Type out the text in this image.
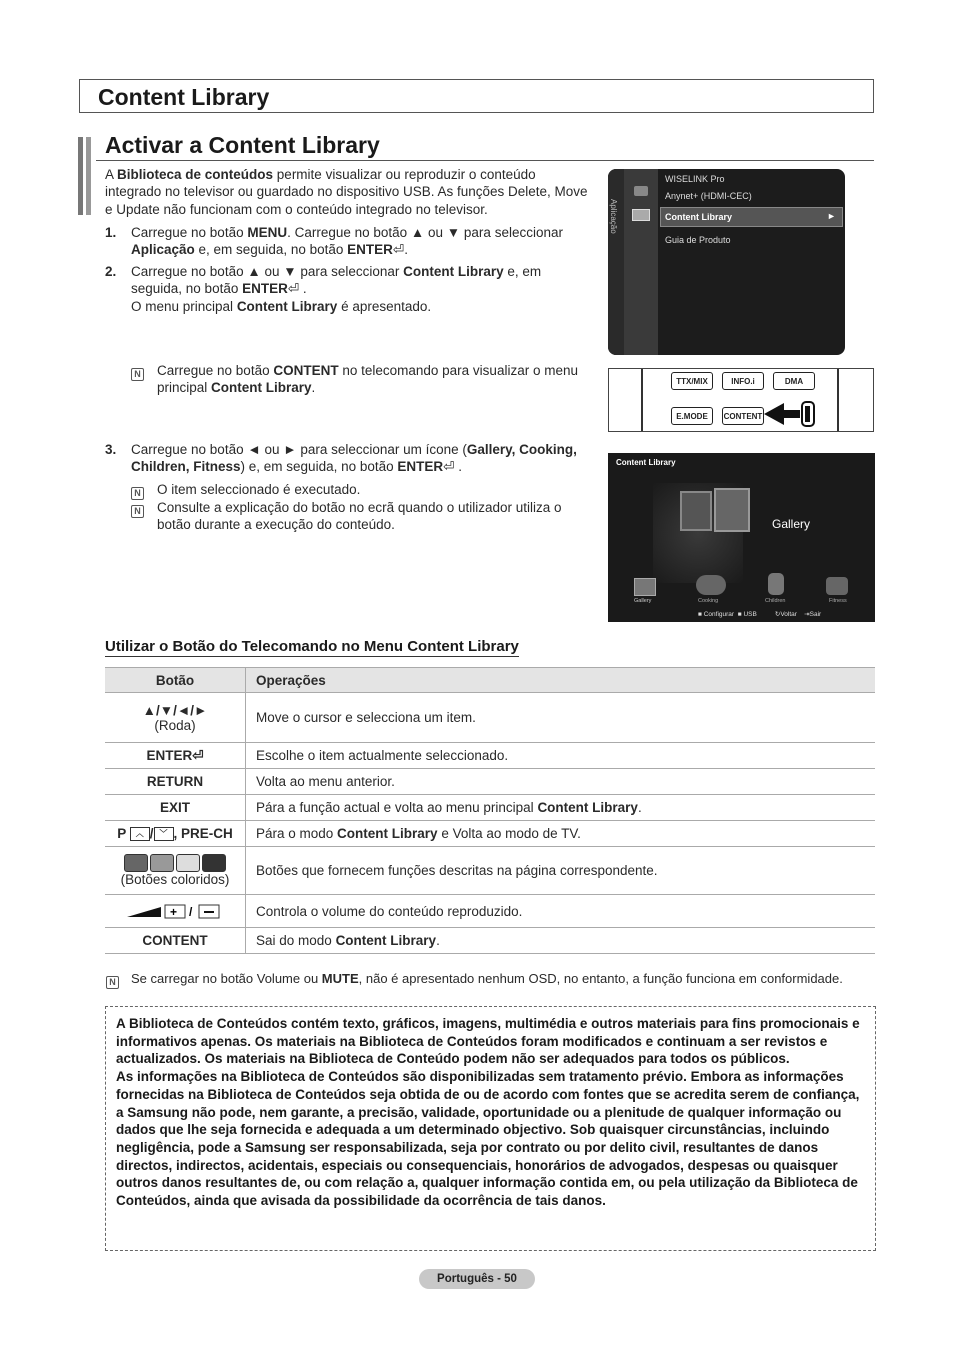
Content Library
Activar a Content Library
A Biblioteca de conteúdos permite visualizar ou reproduzir o conteúdo integrado no televisor ou guardado no dispositivo USB. As funções Delete, Move e Update não funcionam com o conteúdo integrado no televisor.
1. Carregue no botão MENU. Carregue no botão ▲ ou ▼ para seleccionar Aplicação e, em seguida, no botão ENTER⏎.
2. Carregue no botão ▲ ou ▼ para seleccionar Content Library e, em seguida, no botão ENTER⏎ .
O menu principal Content Library é apresentado.
N Carregue no botão CONTENT no telecomando para visualizar o menu principal Content Library.
3. Carregue no botão ◄ ou ► para seleccionar um ícone (Gallery, Cooking, Children, Fitness) e, em seguida, no botão ENTER⏎ .
N O item seleccionado é executado.
N Consulte a explicação do botão no ecrã quando o utilizador utiliza o botão durante a execução do conteúdo.
Aplicação
WISELINK Pro
Anynet+ (HDMI-CEC)
Content Library	►
Guia de Produto
TTX/MIX	INFO.i	DMA
E.MODE	CONTENT
Content Library
Gallery
Gallery	Cooking	Children	Fitness
■ Configurar  ■ USB          ↻Voltar    ⇥Sair
Utilizar o Botão do Telecomando no Menu Content Library
Botão	Operações
▲/▼/◄/►
(Roda)	Move o cursor e selecciona um item.
ENTER⏎	Escolhe o item actualmente seleccionado.
RETURN	Volta ao menu anterior.
EXIT	Pára a função actual e volta ao menu principal Content Library.
P ︿ / ﹀ , PRE-CH	Pára o modo Content Library e Volta ao modo de TV.

(Botões coloridos)	Botões que fornecem funções descritas na página correspondente.

+ /	Controla o volume do conteúdo reproduzido.
CONTENT	Sai do modo Content Library.
N Se carregar no botão Volume ou MUTE, não é apresentado nenhum OSD, no entanto, a função funciona em conformidade.
A Biblioteca de Conteúdos contém texto, gráficos, imagens, multimédia e outros materiais para fins promocionais e informativos apenas. Os materiais na Biblioteca de Conteúdos foram modificados e continuam a ser revistos e actualizados. Os materiais na Biblioteca de Conteúdo podem não ser adequados para todos os públicos.
As informações na Biblioteca de Conteúdos são disponibilizadas sem tratamento prévio. Embora as informações fornecidas na Biblioteca de Conteúdos seja obtida de ou de acordo com fontes que se acredita serem de confiança, a Samsung não pode, nem garante, a precisão, validade, oportunidade ou a plenitude de qualquer informação ou dados que lhe seja fornecida e adequada a um determinado objectivo. Sob quaisquer circunstâncias, incluindo negligência, pode a Samsung ser responsabilizada, seja por contrato ou por delito civil, resultantes de danos directos, indirectos, acidentais, especiais ou consequenciais, honorários de advogados, despesas ou quaisquer outros danos resultantes de, ou com relação a, qualquer informação contida em, ou pela utilização da Biblioteca de Conteúdos, ainda que avisada da possibilidade da ocorrência de tais danos.
Português - 50
